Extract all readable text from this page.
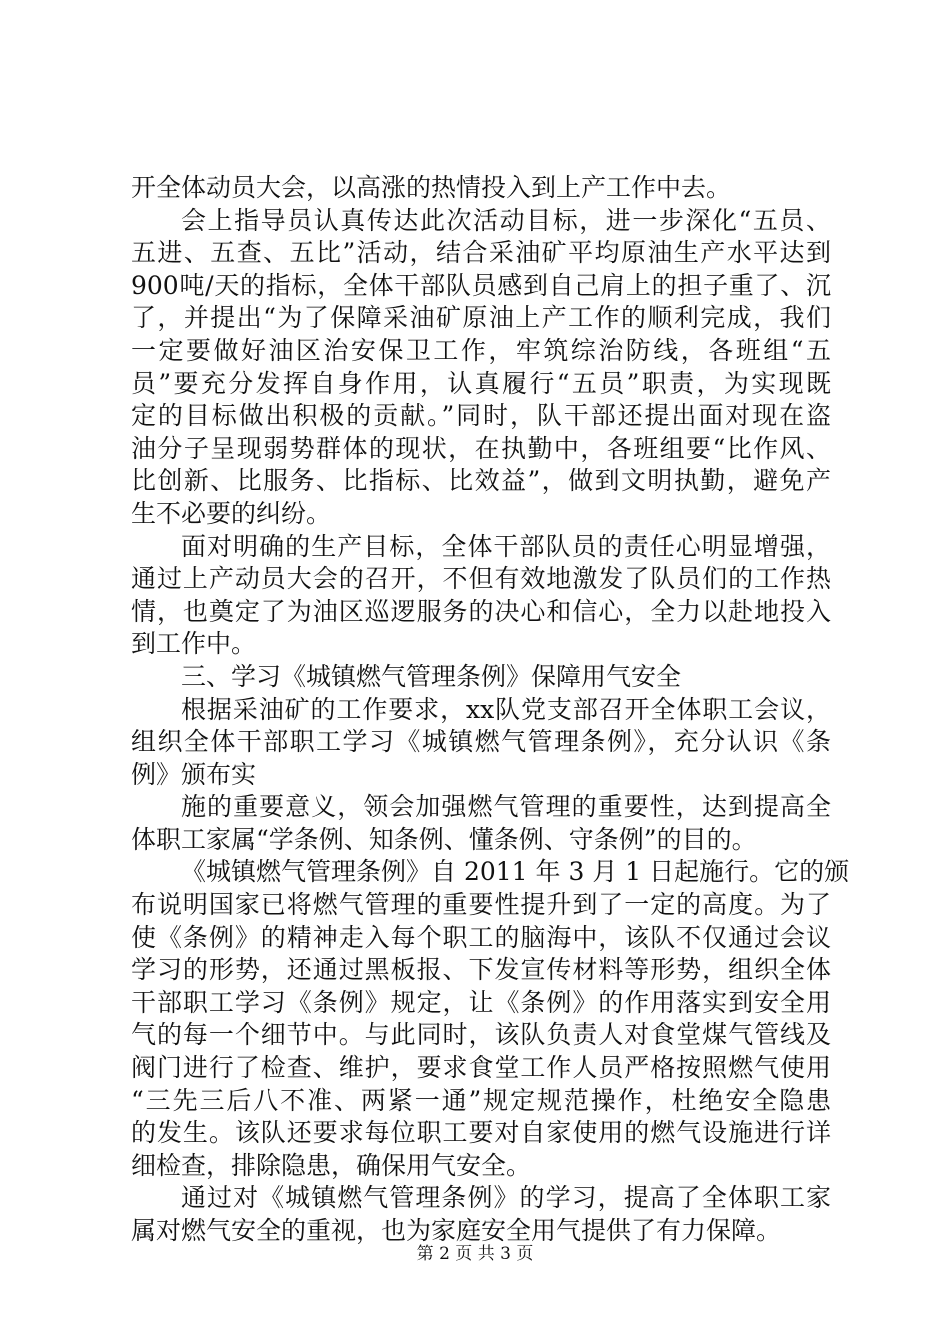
开全体动员大会，以高涨的热情投入到上产工作中去。
会上指导员认真传达此次活动目标，进一步深化“五员、
五进、五查、五比”活动，结合采油矿平均原油生产水平达到
900吨/天的指标，全体干部队员感到自己肩上的担子重了、沉
了，并提出“为了保障采油矿原油上产工作的顺利完成，我们
一定要做好油区治安保卫工作，牢筑综治防线，各班组“五
员”要充分发挥自身作用，认真履行“五员”职责，为实现既
定的目标做出积极的贡献。”同时，队干部还提出面对现在盗
油分子呈现弱势群体的现状，在执勤中，各班组要“比作风、
比创新、比服务、比指标、比效益”，做到文明执勤，避免产
生不必要的纠纷。
面对明确的生产目标，全体干部队员的责任心明显增强，
通过上产动员大会的召开，不但有效地激发了队员们的工作热
情，也奠定了为油区巡逻服务的决心和信心，全力以赴地投入
到工作中。
三、学习《城镇燃气管理条例》保障用气安全
根据采油矿的工作要求，xx队党支部召开全体职工会议，
组织全体干部职工学习《城镇燃气管理条例》，充分认识《条
例》颁布实
施的重要意义，领会加强燃气管理的重要性，达到提高全
体职工家属“学条例、知条例、懂条例、守条例”的目的。
《城镇燃气管理条例》自 2011 年 3 月 1 日起施行。它的颁
布说明国家已将燃气管理的重要性提升到了一定的高度。为了
使《条例》的精神走入每个职工的脑海中，该队不仅通过会议
学习的形势，还通过黑板报、下发宣传材料等形势，组织全体
干部职工学习《条例》规定，让《条例》的作用落实到安全用
气的每一个细节中。与此同时，该队负责人对食堂煤气管线及
阀门进行了检查、维护，要求食堂工作人员严格按照燃气使用
“三先三后八不准、两紧一通”规定规范操作，杜绝安全隐患
的发生。该队还要求每位职工要对自家使用的燃气设施进行详
细检查，排除隐患，确保用气安全。
通过对《城镇燃气管理条例》的学习，提高了全体职工家
属对燃气安全的重视，也为家庭安全用气提供了有力保障。
第 2 页 共 3 页
